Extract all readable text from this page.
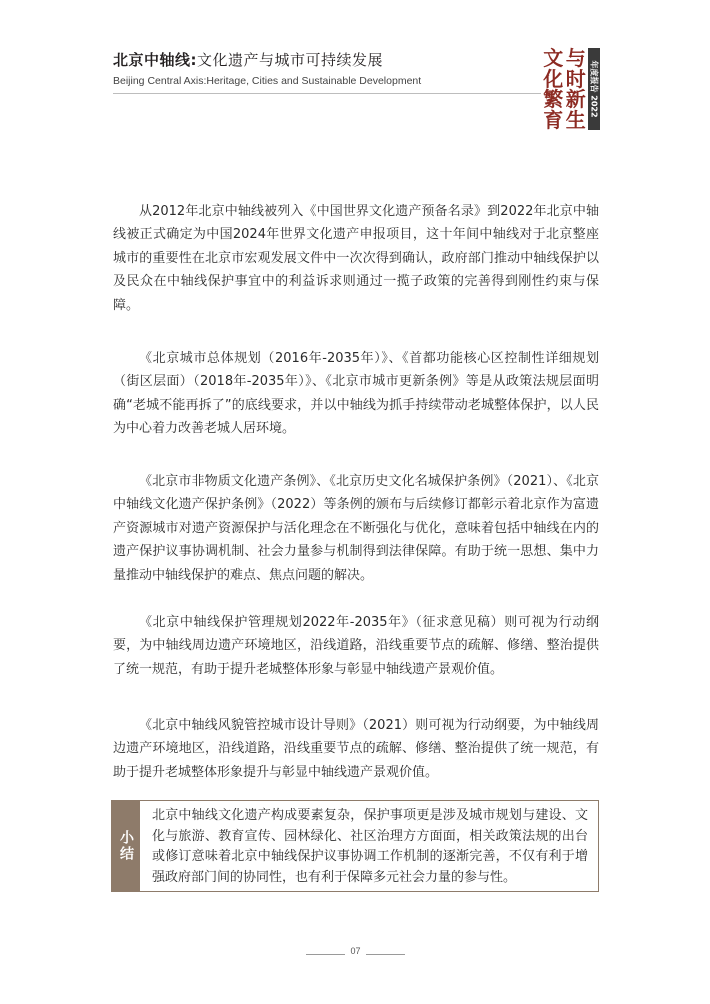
北京中轴线:文化遗产与城市可持续发展
Beijing Central Axis:Heritage, Cities and Sustainable Development
文 与
化 时
繁 新
育 生
年度报告 2022

从2012年北京中轴线被列入《中国世界文化遗产预备名录》到2022年北京中轴线被正式确定为中国2024年世界文化遗产申报项目，这十年间中轴线对于北京整座城市的重要性在北京市宏观发展文件中一次次得到确认，政府部门推动中轴线保护以及民众在中轴线保护事宜中的利益诉求则通过一揽子政策的完善得到刚性约束与保障。

《北京城市总体规划（2016年-2035年）》、《首都功能核心区控制性详细规划（街区层面）（2018年-2035年）》、《北京市城市更新条例》等是从政策法规层面明确“老城不能再拆了”的底线要求，并以中轴线为抓手持续带动老城整体保护，以人民为中心着力改善老城人居环境。

《北京市非物质文化遗产条例》、《北京历史文化名城保护条例》（2021）、《北京中轴线文化遗产保护条例》（2022）等条例的颁布与后续修订都彰示着北京作为富遗产资源城市对遗产资源保护与活化理念在不断强化与优化，意味着包括中轴线在内的遗产保护议事协调机制、社会力量参与机制得到法律保障。有助于统一思想、集中力量推动中轴线保护的难点、焦点问题的解决。

《北京中轴线保护管理规划2022年-2035年》（征求意见稿）则可视为行动纲要，为中轴线周边遗产环境地区，沿线道路，沿线重要节点的疏解、修缮、整治提供了统一规范，有助于提升老城整体形象与彰显中轴线遗产景观价值。

《北京中轴线风貌管控城市设计导则》（2021）则可视为行动纲要，为中轴线周边遗产环境地区，沿线道路，沿线重要节点的疏解、修缮、整治提供了统一规范，有助于提升老城整体形象提升与彰显中轴线遗产景观价值。

小结

北京中轴线文化遗产构成要素复杂，保护事项更是涉及城市规划与建设、文化与旅游、教育宣传、园林绿化、社区治理方方面面，相关政策法规的出台或修订意味着北京中轴线保护议事协调工作机制的逐渐完善，不仅有利于增强政府部门间的协同性，也有利于保障多元社会力量的参与性。

07
